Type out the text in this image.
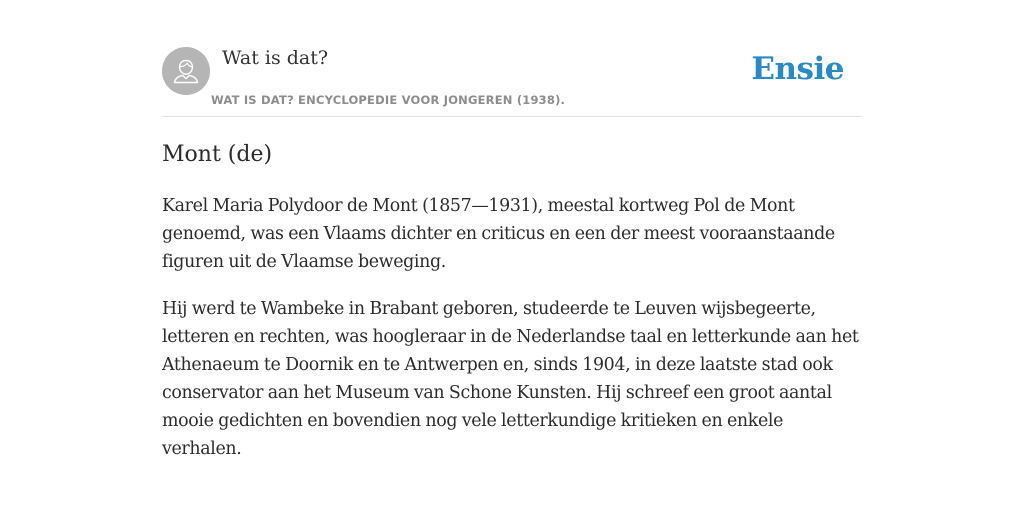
Wat is dat?
WAT IS DAT? ENCYCLOPEDIE VOOR JONGEREN (1938).
Ensie
Mont (de)

Karel Maria Polydoor de Mont (1857—1931), meestal kortweg Pol de Mont genoemd, was een Vlaams dichter en criticus en een der meest vooraanstaande figuren uit de Vlaamse beweging.

Hij werd te Wambeke in Brabant geboren, studeerde te Leuven wijsbegeerte, letteren en rechten, was hoogleraar in de Nederlandse taal en letterkunde aan het Athenaeum te Doornik en te Antwerpen en, sinds 1904, in deze laatste stad ook conservator aan het Museum van Schone Kunsten. Hij schreef een groot aantal mooie gedichten en bovendien nog vele letterkundige kritieken en enkele verhalen.
